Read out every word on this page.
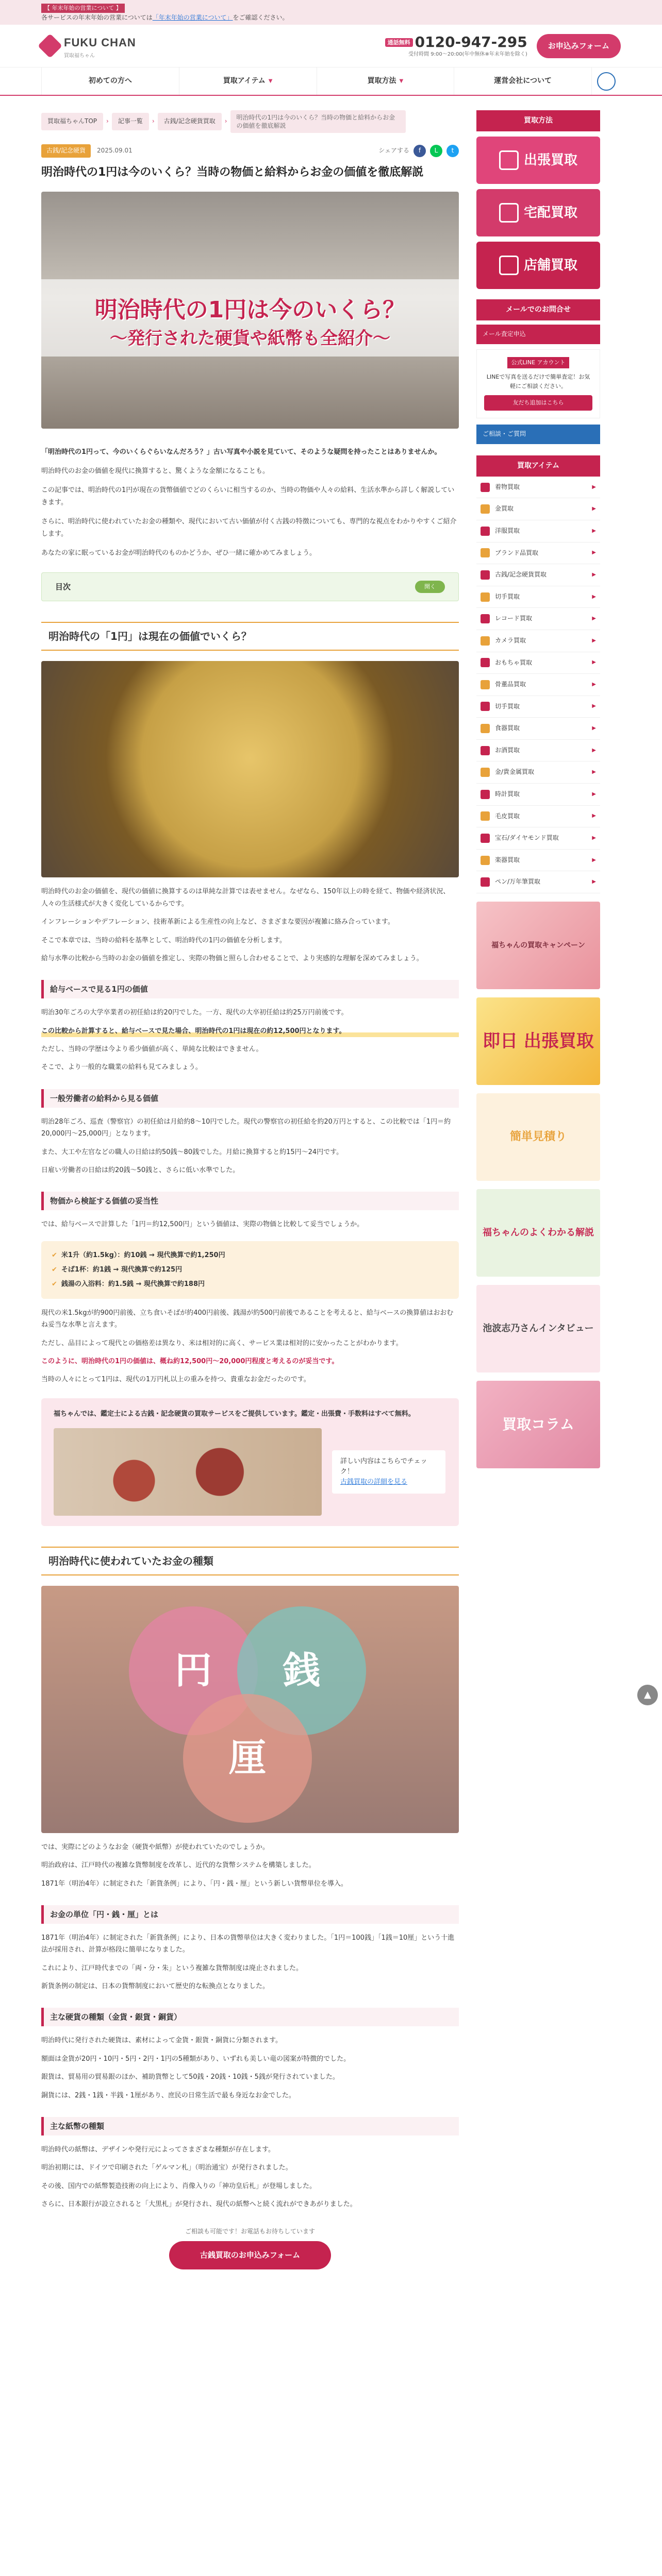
【 年末年始の営業について 】
各サービスの年末年始の営業については「年末年始の営業について」をご確認ください。
FUKU CHAN
買取福ちゃん
通話無料 0120-947-295
受付時間 9:00〜20:00(年中無休※年末年始を除く)
お申込みフォーム
初めての方へ	買取アイテム ▼	買取方法 ▼	運営会社について
買取福ちゃんTOP	›	記事一覧	›	古銭/記念硬貨買取	›
明治時代の1円は今のいくら？当時の物価と給料からお金の価値を徹底解説
古銭/記念硬貨	2025.09.01	シェアする	f	L	t
明治時代の1円は今のいくら？当時の物価と給料からお金の価値を徹底解説
明治時代の1円は今のいくら？
〜発行された硬貨や紙幣も全紹介〜

「明治時代の1円って、今のいくらぐらいなんだろう？」古い写真や小説を見ていて、そのような疑問を持ったことはありませんか。

明治時代のお金の価値を現代に換算すると、驚くような金額になることも。

この記事では、明治時代の1円が現在の貨幣価値でどのくらいに相当するのか、当時の物価や人々の給料、生活水準から詳しく解説していきます。

さらに、明治時代に使われていたお金の種類や、現代において古い価値が付く古銭の特徴についても、専門的な視点をわかりやすくご紹介します。

あなたの家に眠っているお金が明治時代のものかどうか、ぜひ一緒に確かめてみましょう。

目次	開く
明治時代の「1円」は現在の価値でいくら？

明治時代のお金の価値を、現代の価値に換算するのは単純な計算では表せません。なぜなら、150年以上の時を経て、物価や経済状況、人々の生活様式が大きく変化しているからです。

インフレーションやデフレーション、技術革新による生産性の向上など、さまざまな要因が複雑に絡み合っています。

そこで本章では、当時の給料を基準として、明治時代の1円の価値を分析します。

給与水準の比較から当時のお金の価値を推定し、実際の物価と照らし合わせることで、より実感的な理解を深めてみましょう。

給与ベースで見る1円の価値

明治30年ごろの大学卒業者の初任給は約20円でした。一方、現代の大卒初任給は約25万円前後です。

この比較から計算すると、給与ベースで見た場合、明治時代の1円は現在の約12,500円となります。

ただし、当時の学歴は今より希少価値が高く、単純な比較はできません。

そこで、より一般的な職業の給料も見てみましょう。

一般労働者の給料から見る価値

明治28年ごろ、巡査（警察官）の初任給は月給約8〜10円でした。現代の警察官の初任給を約20万円とすると、この比較では「1円＝約20,000円〜25,000円」となります。

また、大工や左官などの職人の日給は約50銭〜80銭でした。月給に換算すると約15円〜24円です。

日雇い労働者の日給は約20銭〜50銭と、さらに低い水準でした。

物価から検証する価値の妥当性

では、給与ベースで計算した「1円＝約12,500円」という価値は、実際の物価と比較して妥当でしょうか。

✔ 米1升（約1.5kg）：約10銭 → 現代換算で約1,250円
✔ そば1杯：約1銭 → 現代換算で約125円
✔ 銭湯の入浴料：約1.5銭 → 現代換算で約188円

現代の米1.5kgが約900円前後、立ち食いそばが約400円前後、銭湯が約500円前後であることを考えると、給与ベースの換算値はおおむね妥当な水準と言えます。

ただし、品目によって現代との価格差は異なり、米は相対的に高く、サービス業は相対的に安かったことがわかります。

このように、明治時代の1円の価値は、概ね約12,500円〜20,000円程度と考えるのが妥当です。

当時の人々にとって1円は、現代の1万円札以上の重みを持つ、貴重なお金だったのです。

福ちゃんでは、鑑定士による古銭・記念硬貨の買取サービスをご提供しています。鑑定・出張費・手数料はすべて無料。
詳しい内容はこちらでチェック！
古銭買取の詳細を見る
明治時代に使われていたお金の種類
円	銭
厘

では、実際にどのようなお金（硬貨や紙幣）が使われていたのでしょうか。

明治政府は、江戸時代の複雑な貨幣制度を改革し、近代的な貨幣システムを構築しました。

1871年（明治4年）に制定された「新貨条例」により、「円・銭・厘」という新しい貨幣単位を導入。

お金の単位「円・銭・厘」とは

1871年（明治4年）に制定された「新貨条例」により、日本の貨幣単位は大きく変わりました。「1円＝100銭」「1銭＝10厘」という十進法が採用され、計算が格段に簡単になりました。

これにより、江戸時代までの「両・分・朱」という複雑な貨幣制度は廃止されました。

新貨条例の制定は、日本の貨幣制度において歴史的な転換点となりました。

主な硬貨の種類（金貨・銀貨・銅貨）

明治時代に発行された硬貨は、素材によって金貨・銀貨・銅貨に分類されます。

額面は金貨が20円・10円・5円・2円・1円の5種類があり、いずれも美しい竜の図案が特徴的でした。

銀貨は、貿易用の貿易銀のほか、補助貨幣として50銭・20銭・10銭・5銭が発行されていました。

銅貨には、2銭・1銭・半銭・1厘があり、庶民の日常生活で最も身近なお金でした。

主な紙幣の種類

明治時代の紙幣は、デザインや発行元によってさまざまな種類が存在します。

明治初期には、ドイツで印刷された「ゲルマン札」（明治通宝）が発行されました。

その後、国内での紙幣製造技術の向上により、肖像入りの「神功皇后札」が登場しました。

さらに、日本銀行が設立されると「大黒札」が発行され、現代の紙幣へと続く流れができあがりました。

ご相談も可能です！お電話もお待ちしています
古銭買取のお申込みフォーム
買取方法
出張買取
宅配買取
店舗買取
メールでのお問合せ
メール査定申込
公式LINE アカウント
LINEで写真を送るだけで簡単査定！お気軽にご相談ください。
友だち追加はこちら
ご相談・ご質問
買取アイテム
着物買取	▶
金買取	▶
洋服買取	▶
ブランド品買取	▶
古銭/記念硬貨買取	▶
切手買取	▶
レコード買取	▶
カメラ買取	▶
おもちゃ買取	▶
骨董品買取	▶
切手買取	▶
食器買取	▶
お酒買取	▶
金/貴金属買取	▶
時計買取	▶
毛皮買取	▶
宝石/ダイヤモンド買取	▶
楽器買取	▶
ペン/万年筆買取	▶
福ちゃんの買取キャンペーン
即日 出張買取
簡単見積り
福ちゃんのよくわかる解説
池波志乃さんインタビュー
買取コラム
▲
